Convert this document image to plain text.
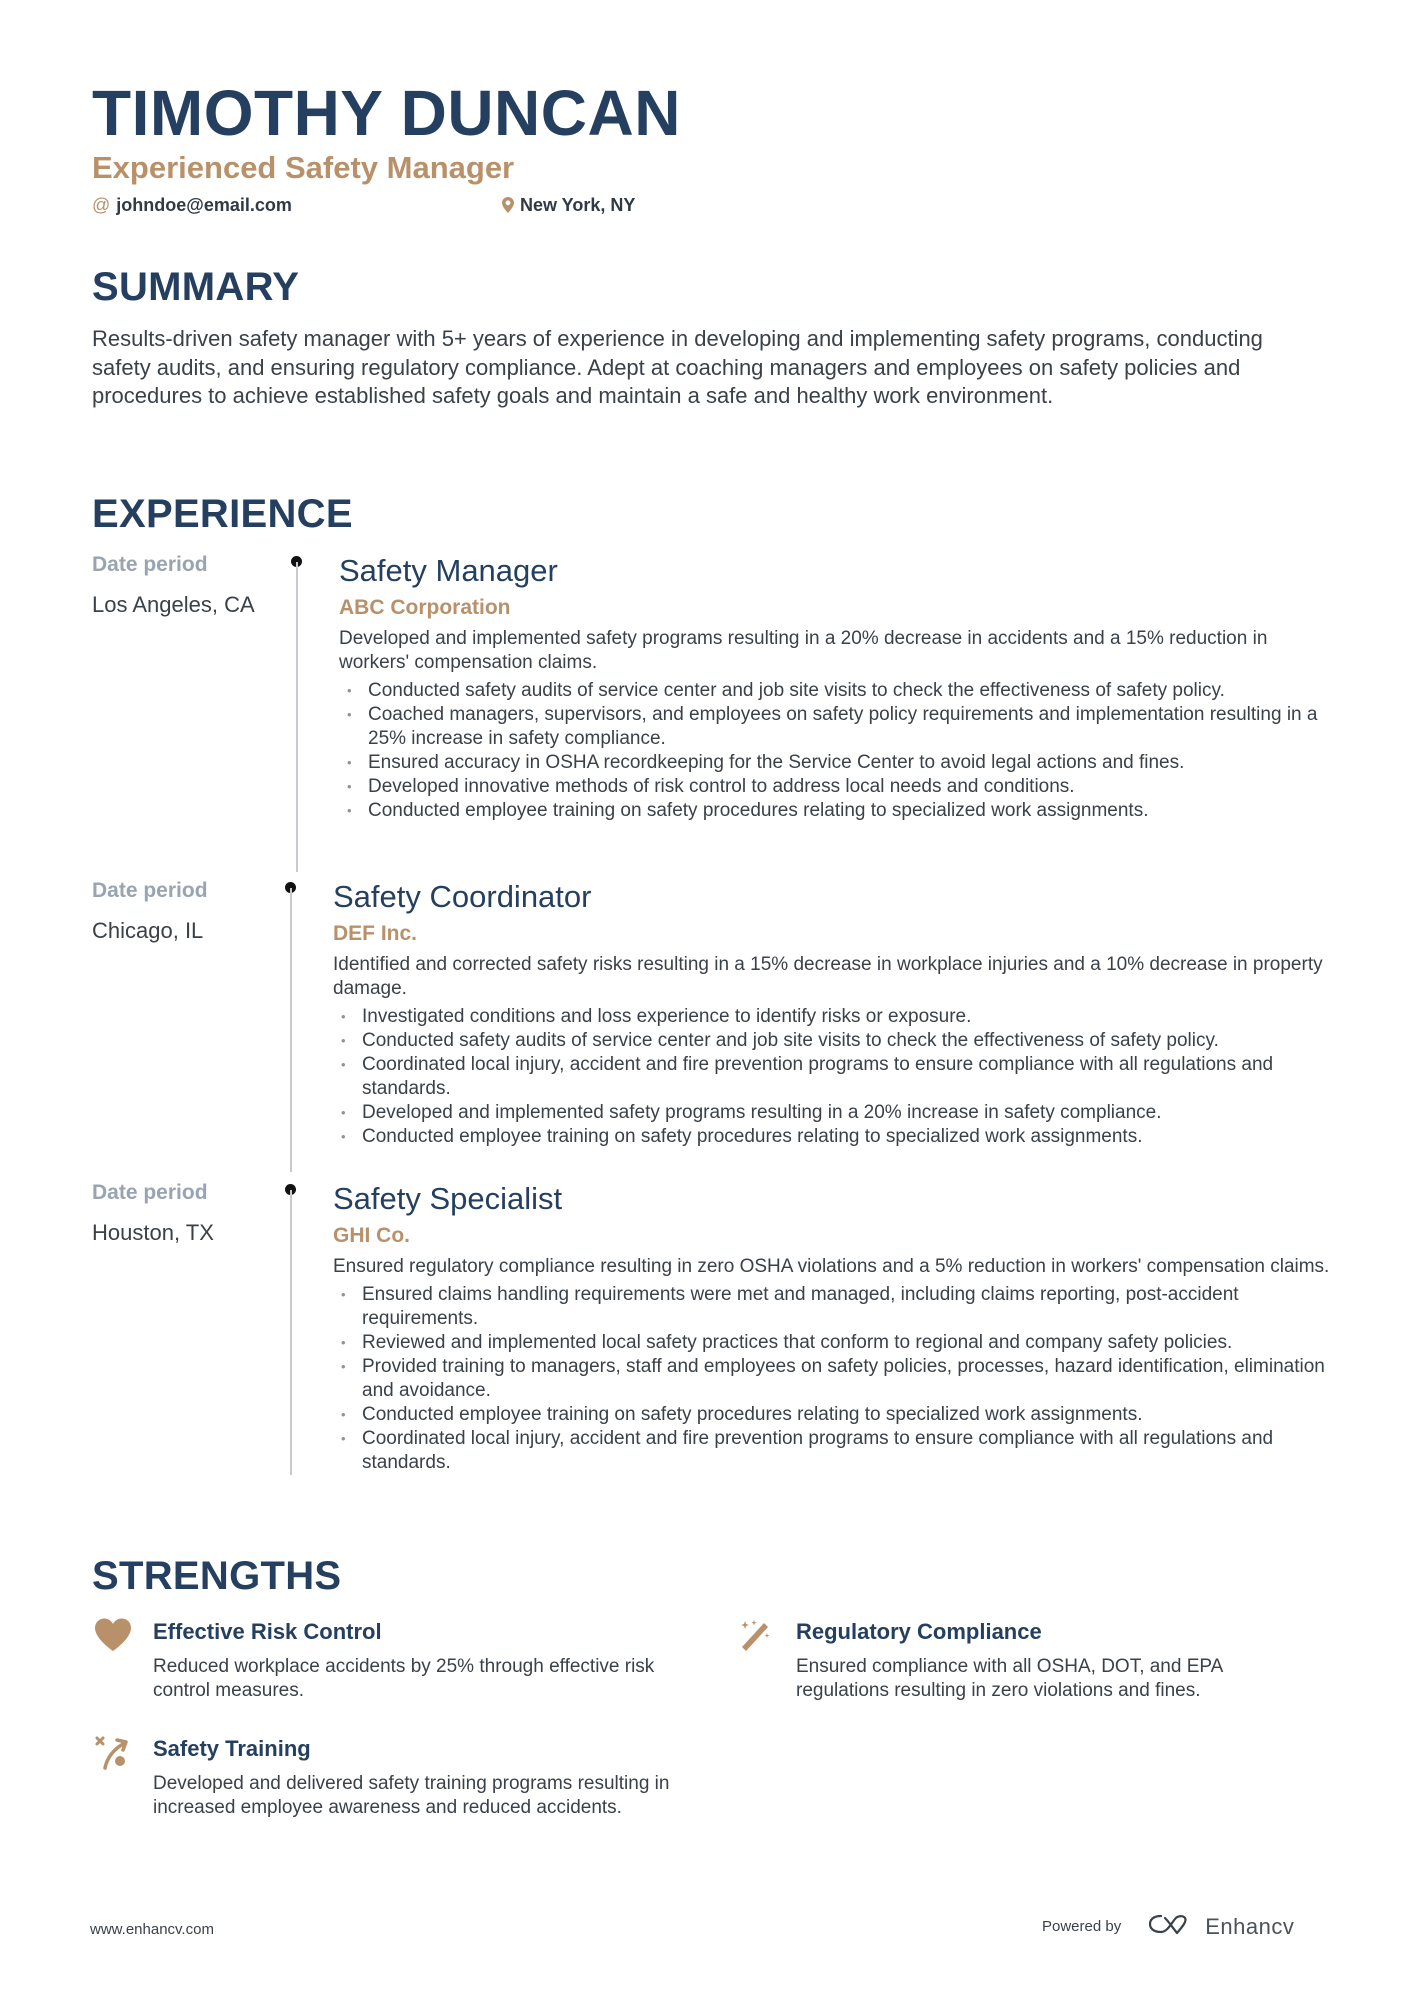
TIMOTHY DUNCAN
Experienced Safety Manager
@ johndoe@email.com	New York, NY
SUMMARY
Results-driven safety manager with 5+ years of experience in developing and implementing safety programs, conducting safety audits, and ensuring regulatory compliance. Adept at coaching managers and employees on safety policies and procedures to achieve established safety goals and maintain a safe and healthy work environment.
EXPERIENCE
Date period
Los Angeles, CA
Safety Manager
ABC Corporation
Developed and implemented safety programs resulting in a 20% decrease in accidents and a 15% reduction in workers' compensation claims.
• Conducted safety audits of service center and job site visits to check the effectiveness of safety policy.
• Coached managers, supervisors, and employees on safety policy requirements and implementation resulting in a 25% increase in safety compliance.
• Ensured accuracy in OSHA recordkeeping for the Service Center to avoid legal actions and fines.
• Developed innovative methods of risk control to address local needs and conditions.
• Conducted employee training on safety procedures relating to specialized work assignments.
Date period
Chicago, IL
Safety Coordinator
DEF Inc.
Identified and corrected safety risks resulting in a 15% decrease in workplace injuries and a 10% decrease in property damage.
• Investigated conditions and loss experience to identify risks or exposure.
• Conducted safety audits of service center and job site visits to check the effectiveness of safety policy.
• Coordinated local injury, accident and fire prevention programs to ensure compliance with all regulations and standards.
• Developed and implemented safety programs resulting in a 20% increase in safety compliance.
• Conducted employee training on safety procedures relating to specialized work assignments.
Date period
Houston, TX
Safety Specialist
GHI Co.
Ensured regulatory compliance resulting in zero OSHA violations and a 5% reduction in workers' compensation claims.
• Ensured claims handling requirements were met and managed, including claims reporting, post-accident requirements.
• Reviewed and implemented local safety practices that conform to regional and company safety policies.
• Provided training to managers, staff and employees on safety policies, processes, hazard identification, elimination and avoidance.
• Conducted employee training on safety procedures relating to specialized work assignments.
• Coordinated local injury, accident and fire prevention programs to ensure compliance with all regulations and standards.
STRENGTHS
Effective Risk Control
Reduced workplace accidents by 25% through effective risk control measures.
Regulatory Compliance
Ensured compliance with all OSHA, DOT, and EPA regulations resulting in zero violations and fines.
Safety Training
Developed and delivered safety training programs resulting in increased employee awareness and reduced accidents.
www.enhancv.com	Powered by	Enhancv
